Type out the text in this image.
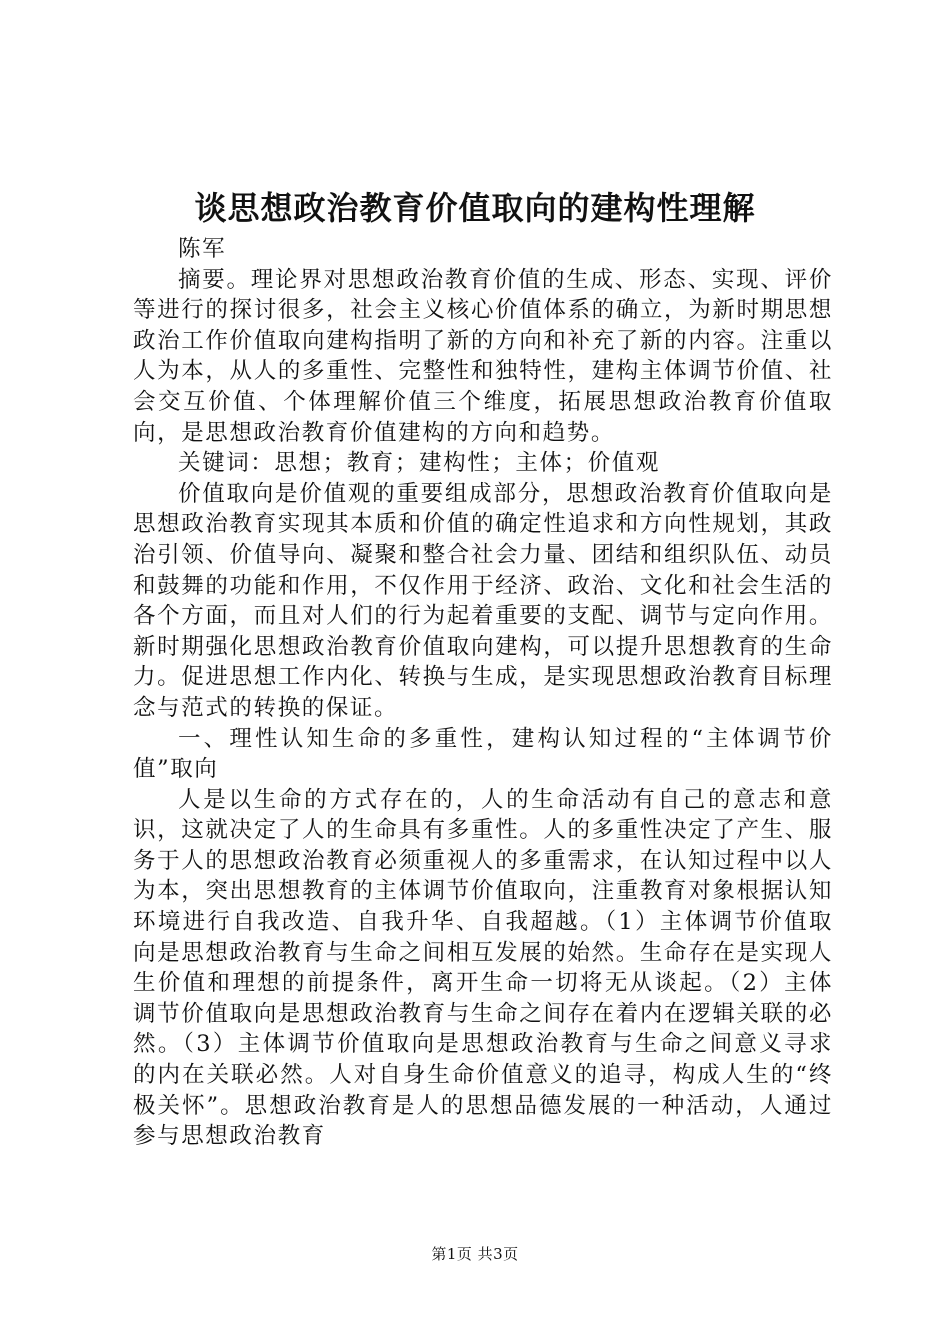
谈思想政治教育价值取向的建构性理解

陈军

摘要。理论界对思想政治教育价值的生成、形态、实现、评价等进行的探讨很多，社会主义核心价值体系的确立，为新时期思想政治工作价值取向建构指明了新的方向和补充了新的内容。注重以人为本，从人的多重性、完整性和独特性，建构主体调节价值、社会交互价值、个体理解价值三个维度，拓展思想政治教育价值取向，是思想政治教育价值建构的方向和趋势。

关键词：思想；教育；建构性；主体；价值观

价值取向是价值观的重要组成部分，思想政治教育价值取向是思想政治教育实现其本质和价值的确定性追求和方向性规划，其政治引领、价值导向、凝聚和整合社会力量、团结和组织队伍、动员和鼓舞的功能和作用，不仅作用于经济、政治、文化和社会生活的各个方面，而且对人们的行为起着重要的支配、调节与定向作用。新时期强化思想政治教育价值取向建构，可以提升思想教育的生命力。促进思想工作内化、转换与生成，是实现思想政治教育目标理念与范式的转换的保证。

一、理性认知生命的多重性，建构认知过程的“主体调节价值”取向

人是以生命的方式存在的，人的生命活动有自己的意志和意识，这就决定了人的生命具有多重性。人的多重性决定了产生、服务于人的思想政治教育必须重视人的多重需求，在认知过程中以人为本，突出思想教育的主体调节价值取向，注重教育对象根据认知环境进行自我改造、自我升华、自我超越。（1）主体调节价值取向是思想政治教育与生命之间相互发展的始然。生命存在是实现人生价值和理想的前提条件，离开生命一切将无从谈起。（2）主体调节价值取向是思想政治教育与生命之间存在着内在逻辑关联的必然。（3）主体调节价值取向是思想政治教育与生命之间意义寻求的内在关联必然。人对自身生命价值意义的追寻，构成人生的“终极关怀”。思想政治教育是人的思想品德发展的一种活动，人通过参与思想政治教育

第1页 共3页
